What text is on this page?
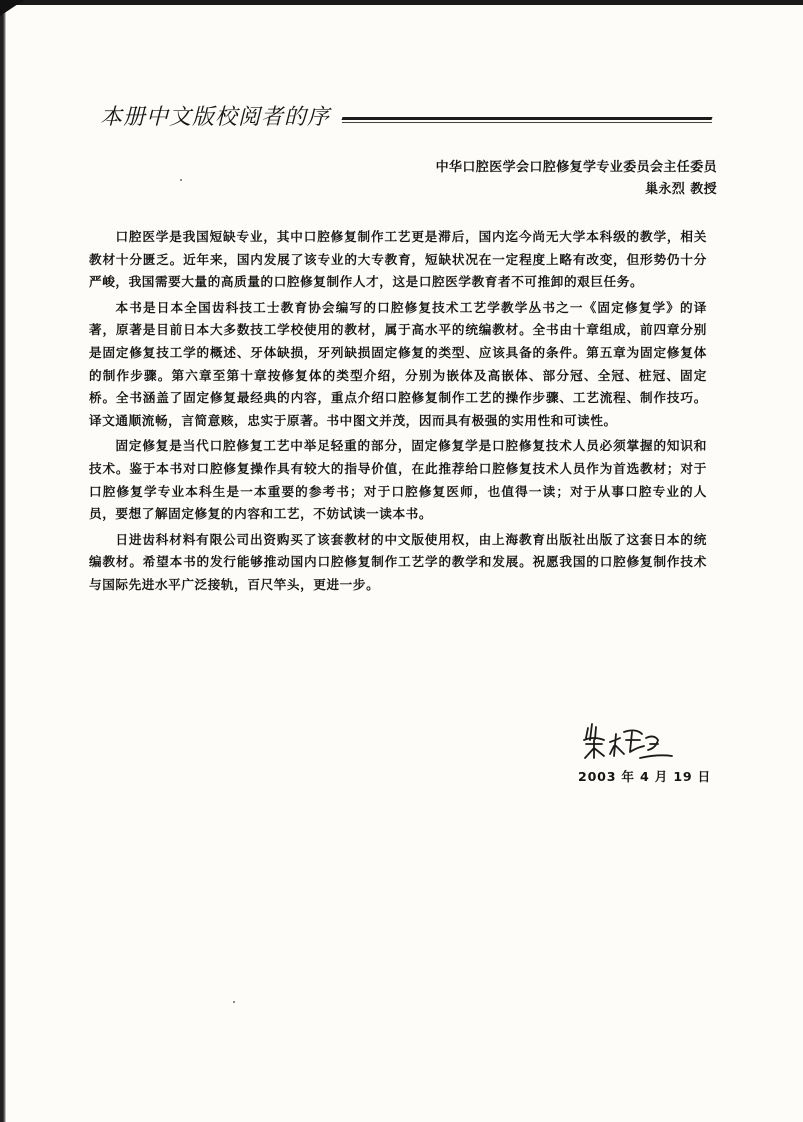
本册中文版校阅者的序
中华口腔医学会口腔修复学专业委员会主任委员
巢永烈 教授

口腔医学是我国短缺专业，其中口腔修复制作工艺更是滞后，国内迄今尚无大学本科级的教学，相关教材十分匮乏。近年来，国内发展了该专业的大专教育，短缺状况在一定程度上略有改变，但形势仍十分严峻，我国需要大量的高质量的口腔修复制作人才，这是口腔医学教育者不可推卸的艰巨任务。

本书是日本全国齿科技工士教育协会编写的口腔修复技术工艺学教学丛书之一《固定修复学》的译著，原著是目前日本大多数技工学校使用的教材，属于高水平的统编教材。全书由十章组成，前四章分别是固定修复技工学的概述、牙体缺损，牙列缺损固定修复的类型、应该具备的条件。第五章为固定修复体的制作步骤。第六章至第十章按修复体的类型介绍，分别为嵌体及高嵌体、部分冠、全冠、桩冠、固定桥。全书涵盖了固定修复最经典的内容，重点介绍口腔修复制作工艺的操作步骤、工艺流程、制作技巧。译文通顺流畅，言简意赅，忠实于原著。书中图文并茂，因而具有极强的实用性和可读性。

固定修复是当代口腔修复工艺中举足轻重的部分，固定修复学是口腔修复技术人员必须掌握的知识和技术。鉴于本书对口腔修复操作具有较大的指导价值，在此推荐给口腔修复技术人员作为首选教材；对于口腔修复学专业本科生是一本重要的参考书；对于口腔修复医师，也值得一读；对于从事口腔专业的人员，要想了解固定修复的内容和工艺，不妨试读一读本书。

日进齿科材料有限公司出资购买了该套教材的中文版使用权，由上海教育出版社出版了这套日本的统编教材。希望本书的发行能够推动国内口腔修复制作工艺学的教学和发展。祝愿我国的口腔修复制作技术与国际先进水平广泛接轨，百尺竿头，更进一步。

2003 年 4 月 19 日
